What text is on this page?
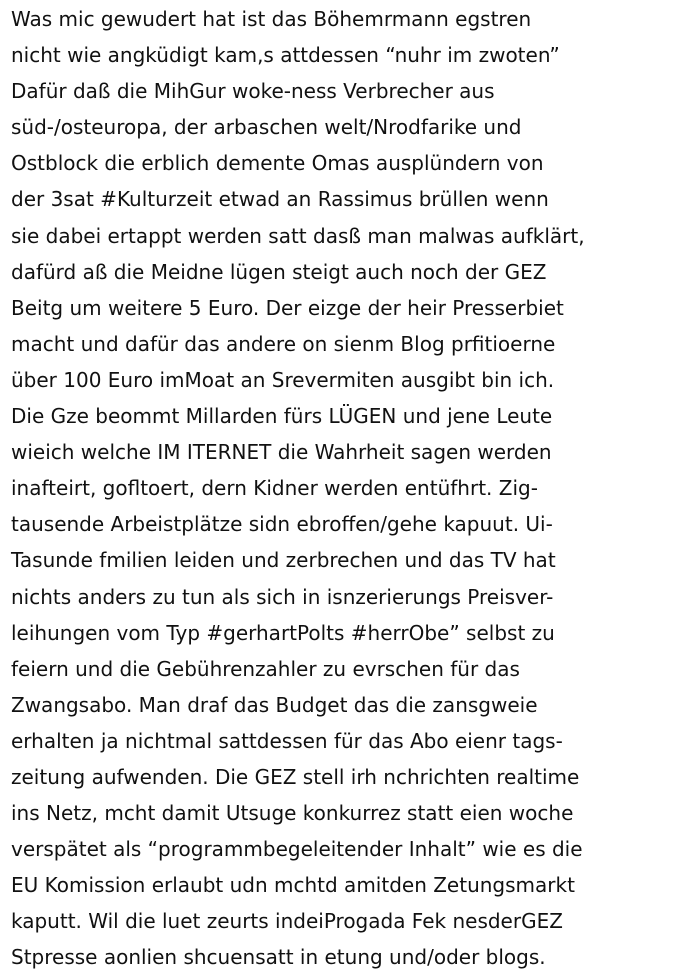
Was mic gewudert hat ist das Böhemrmann egstren
nicht wie angküdigt kam,s attdessen “nuhr im zwoten”
Dafür daß die MihGur woke-ness Verbrecher aus
süd-/osteuropa, der arbaschen welt/Nrodfarike und
Ostblock die erblich demente Omas ausplündern von
der 3sat #Kulturzeit etwad an Rassimus brüllen wenn
sie dabei ertappt werden satt dasß man malwas aufklärt,
dafürd aß die Meidne lügen steigt auch noch der GEZ
Beitg um weitere 5 Euro. Der eizge der heir Presserbiet
macht und dafür das andere on sienm Blog prfitioerne
über 100 Euro imMoat an Srevermiten ausgibt bin ich.
Die Gze beommt Millarden fürs LÜGEN und jene Leute
wieich welche IM ITERNET die Wahrheit sagen werden
inafteirt, gofltoert, dern Kidner werden entüfhrt. Zig-
tausende Arbeistplätze sidn ebroffen/gehe kapuut. Ui-
Tasunde fmilien leiden und zerbrechen und das TV hat
nichts anders zu tun als sich in isnzerierungs Preisver-
leihungen vom Typ #gerhartPolts #herrObe” selbst zu
feiern und die Gebührenzahler zu evrschen für das
Zwangsabo. Man draf das Budget das die zansgweie
erhalten ja nichtmal sattdessen für das Abo eienr tags-
zeitung aufwenden. Die GEZ stell irh nchrichten realtime
ins Netz, mcht damit Utsuge konkurrez statt eien woche
verspätet als “programmbegeleitender Inhalt” wie es die
EU Komission erlaubt udn mchtd amitden Zetungsmarkt
kaputt. Wil die luet zeurts indeiProgada Fek nesderGEZ
Stpresse aonlien shcuensatt in etung und/oder blogs.
